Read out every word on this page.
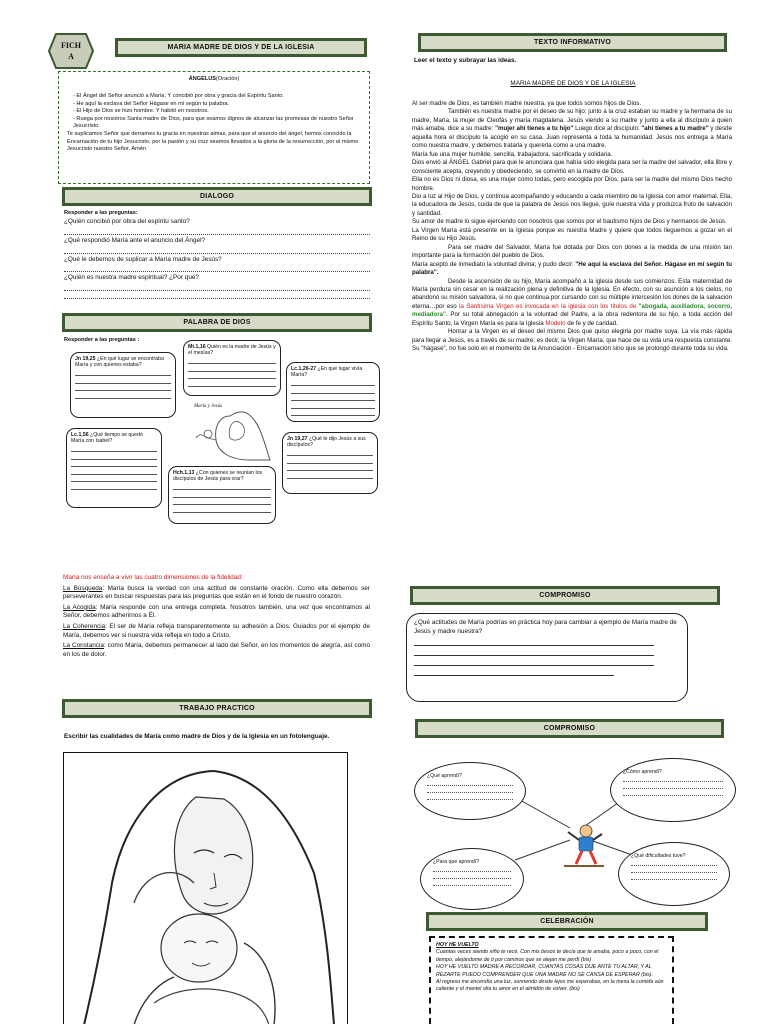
FICH A
MARIA MADRE DE DIOS Y DE LA IGLESIA
ÁNGELUS(Oración)
- El Ángel del Señor anunció a María; Y concibió por obra y gracia del Espíritu Santo.
- He aquí la esclava del Señor Hágase en mí según tu palabra.
- El Hijo de Dios se hizo hombre. Y habitó en nosotros.
- Ruega por nosotros Santa madre de Dios, para que seamos dignos de alcanzar las promesas de nuestro Señor Jesucristo.
Te suplicamos Señor que derrames tu gracia en nuestras almas, para que el anuncio del ángel, hemos conocido la Encarnación de tu hijo Jesucristo, por la pasión y su cruz seamos llevados a la gloria de la resurrección, por el mismo Jesucristo nuestro Señor. Amén
DIALOGO
Responder a las preguntas:
¿Quién concibió por obra del espíritu santo?
¿Qué respondió María ante el anuncio del Ángel?
¿Qué le debemos de suplicar a María madre de Jesús?
¿Quién es nuestra madre espiritual? ¿Por qué?
PALABRA DE DIOS
Responder a las preguntas :
Jn 19,25 ¿En qué lugar se encontraba María y con quienes estaba?
Mt.1,16 Quién es la madre de Jesús y el mesías?
Lc.1,26-27 ¿En qué lugar vivía María?
Lc.1,56 ¿Qué tiempo se quedó María con Isabel?	Jn 19,27 ¿Qué le dijo Jesús a sus discípulos?
Hch.1,13 ¿Con quienes se reunían los discípulos de Jesús para orar?
María y Jesús
María nos enseña a vivir las cuatro dimensiones de la fidelidad:
La Búsqueda: María busca la verdad con una actitud de constante oración. Como ella debemos ser perseverantes en buscar respuestas para las preguntas que están en el fondo de nuestro corazón.
La Acogida: María responde con una entrega completa. Nosotros también, una vez que encontramos al Señor, debemos adherirnos a Él.
La Coherencia: El ser de María refleja transparentemente su adhesión a Dios. Guiados por el ejemplo de María, debemos ver si nuestra vida refleja en todo a Cristo.
La Constancia: como María, debemos permanecer al lado del Señor, en los momentos de alegría, así como en los de dolor.
TRABAJO PRACTICO
Escribir las cualidades de María como madre de Dios y de la Iglesia en un fotolenguaje.
TEXTO INFORMATIVO
Leer el texto y subrayar las ideas.
MARIA MADRE DE DIOS Y DE LA IGLESIA

Al ser madre de Dios, es también madre nuestra, ya que todos somos hijos de Dios.

También es nuestra madre por el deseo de su hijo: junto a la cruz estaban su madre y la hermana de su madre, María, la mujer de Cleofás y maría magdalena. Jesús viendo a su madre y junto a ella al discípulo a quien más amaba, dice a su madre: "mujer ahí tienes a tu hijo" Luego dice al discípulo: "ahí tienes a tu madre" y desde aquella hora el discípulo la acogió en su casa. Juan representa a toda la humanidad. Jesús nos entrega a María como nuestra madre, y debemos tratarla y quererla como a una madre.

María fue una mujer humilde, sencilla, trabajadora, sacrificada y solidaria.

Dios envió al ÁNGEL Gabriel para que le anunciara que había sido elegida para ser la madre del salvador, ella libre y consciente acepta, creyendo y obedeciendo, se convirtió en la madre de Dios.

Ella no es Dios ni diosa, es una mujer como todas, pero escogida por Dios, para ser la madre del mismo Dios hecho hombre.

Dio a luz al Hijo de Dios, y continúa acompañando y educando a cada miembro de la Iglesia con amor maternal. Ella, la educadora de Jesús, cuida de que la palabra de Jesús nos llegue, guíe nuestra vida y produzca fruto de salvación y santidad.

Su amor de madre lo sigue ejerciendo con nosotros que somos por el bautismo hijos de Dios y hermanos de Jesús.

La Virgen María está presente en la Iglesia porque es nuestra Madre y quiere que todos lleguemos a gozar en el Reino de su Hijo Jesús.

Para ser madre del Salvador, María fue dotada por Dios con dones a la medida de una misión tan importante para la formación del pueblo de Dios.

María aceptó de inmediato la voluntad divina; y pudo decir: "He aquí la esclava del Señor. Hágase en mí según tu palabra".

Desde la ascensión de su hijo, María acompañó a la iglesia desde sus comienzos. Esta maternidad de María perdura sin cesar en la realización plena y definitiva de la Iglesia. En efecto, con su asunción a los cielos, no abandonó su misión salvadora, si no que continua por cursando con su múltiple intercesión los dones de la salvación eterna…por eso la Santísima Virgen es invocada en la iglesia con los títulos de "abogada, auxiliadora, socorro, mediadora". Por su total abnegación a la voluntad del Padre, a la obra redentora de su hijo, a toda acción del Espíritu Santo, la Virgen María es para la Iglesia Modelo de fe y de caridad.

Honrar a la Virgen es el deseo del mismo Dios que quiso elegirla por madre suya. La vía más rápida para llegar a Jesús, es a través de su madre; es decir, la Virgen María, que hace de su vida una respuesta constante. Su "hágase", no fue solo en el momento de la Anunciación - Encarnación sino que se prolongó durante toda su vida.

COMPROMISO
¿Qué actitudes de María podrías en práctica hoy para cambiar a ejemplo de María madre de Jesús y madre nuestra?
COMPROMISO
¿Qué aprendí?
¿Cómo aprendí?
¿Para que aprendí?
¿Qué dificultades tuve?
CELEBRACIÓN
HOY HE VUELTO
Cuantas veces siendo niño te recé. Con mis besos te decía que te amaba, poco a poco, con el tiempo, alejándome de ti por caminos que se alejan me perdí (bis)
HOY HE VUELTO MADRE A RECORDAR, CUANTAS COSAS DIJE ANTE TU ALTAR, Y AL REZARTE PUEDO COMPRENDER QUE UNA MADRE NO SE CANSA DE ESPERAR (bis).
Al regreso me encendía una luz, sonriendo desde lejos me esperabas, en la mesa la comida aún caliente y el mantel olía tu amor en el almidón de volver. (bis)
